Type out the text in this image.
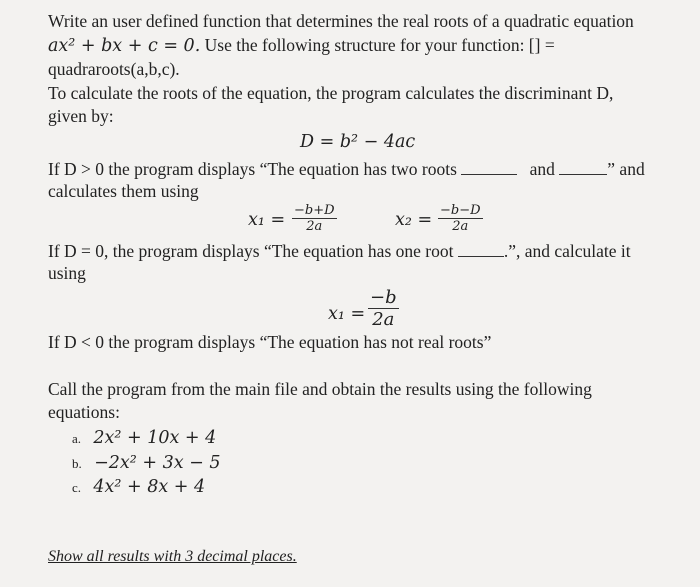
Write an user defined function that determines the real roots of a quadratic equation
ax² + bx + c = 0. Use the following structure for your function: [] =
quadraroots(a,b,c).
To calculate the roots of the equation, the program calculates the discriminant D,
given by:
D = b² − 4ac
If D > 0 the program displays “The equation has two roots	and	” and
calculates them using
$x_1 = \frac{-b+D}{2a}$	$x_2 = \frac{-b-D}{2a}$
If D = 0, the program displays “The equation has one root	.”, and calculate it
using
$x_1 = \frac{-b}{2a}$
If D < 0 the program displays “The equation has not real roots”
Call the program from the main file and obtain the results using the following
equations:
a. 2x² + 10x + 4
b. −2x² + 3x − 5
c. 4x² + 8x + 4
Show all results with 3 decimal places.
